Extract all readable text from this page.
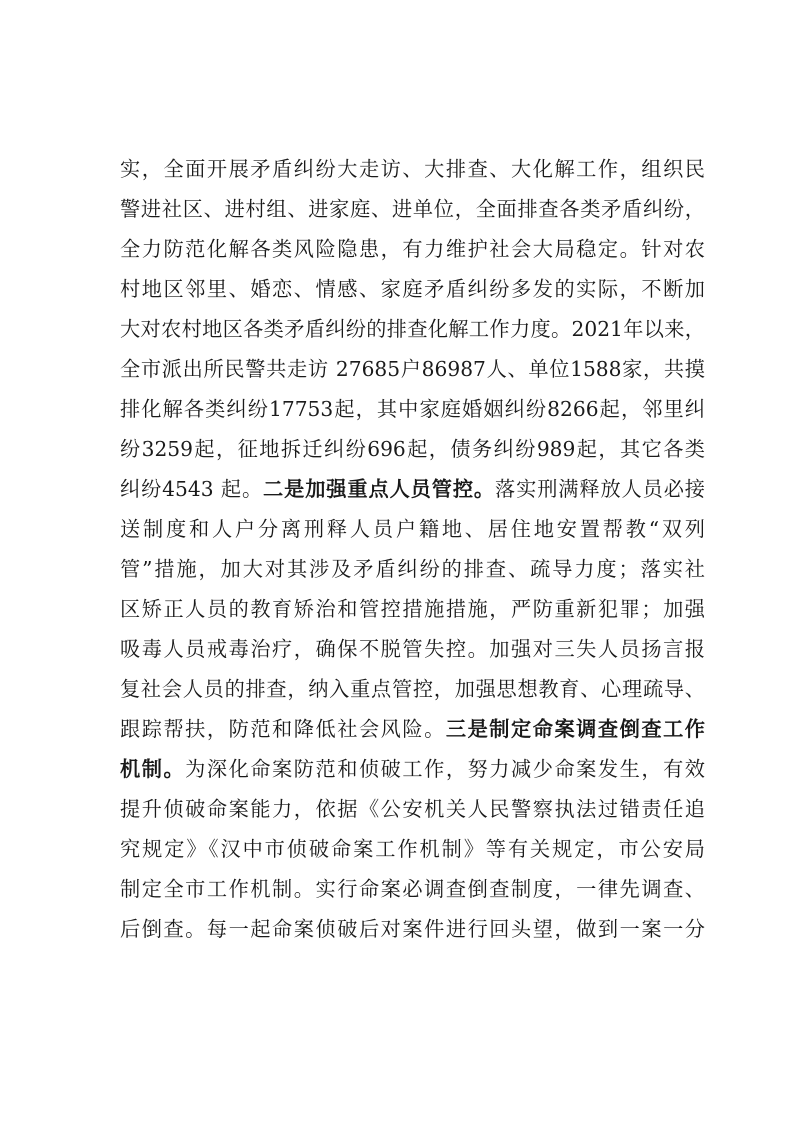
实，全面开展矛盾纠纷大走访、大排查、大化解工作，组织民
警进社区、进村组、进家庭、进单位，全面排查各类矛盾纠纷，
全力防范化解各类风险隐患，有力维护社会大局稳定。针对农
村地区邻里、婚恋、情感、家庭矛盾纠纷多发的实际，不断加
大对农村地区各类矛盾纠纷的排查化解工作力度。2021年以来，
全市派出所民警共走访 27685户86987人、单位1588家，共摸
排化解各类纠纷17753起，其中家庭婚姻纠纷8266起，邻里纠
纷3259起，征地拆迁纠纷696起，债务纠纷989起，其它各类
纠纷4543 起。二是加强重点人员管控。落实刑满释放人员必接
送制度和人户分离刑释人员户籍地、居住地安置帮教“双列
管”措施，加大对其涉及矛盾纠纷的排查、疏导力度；落实社
区矫正人员的教育矫治和管控措施措施，严防重新犯罪；加强
吸毒人员戒毒治疗，确保不脱管失控。加强对三失人员扬言报
复社会人员的排查，纳入重点管控，加强思想教育、心理疏导、
跟踪帮扶，防范和降低社会风险。三是制定命案调查倒查工作
机制。为深化命案防范和侦破工作，努力减少命案发生，有效
提升侦破命案能力，依据《公安机关人民警察执法过错责任追
究规定》《汉中市侦破命案工作机制》等有关规定，市公安局
制定全市工作机制。实行命案必调查倒查制度，一律先调查、
后倒查。每一起命案侦破后对案件进行回头望，做到一案一分
